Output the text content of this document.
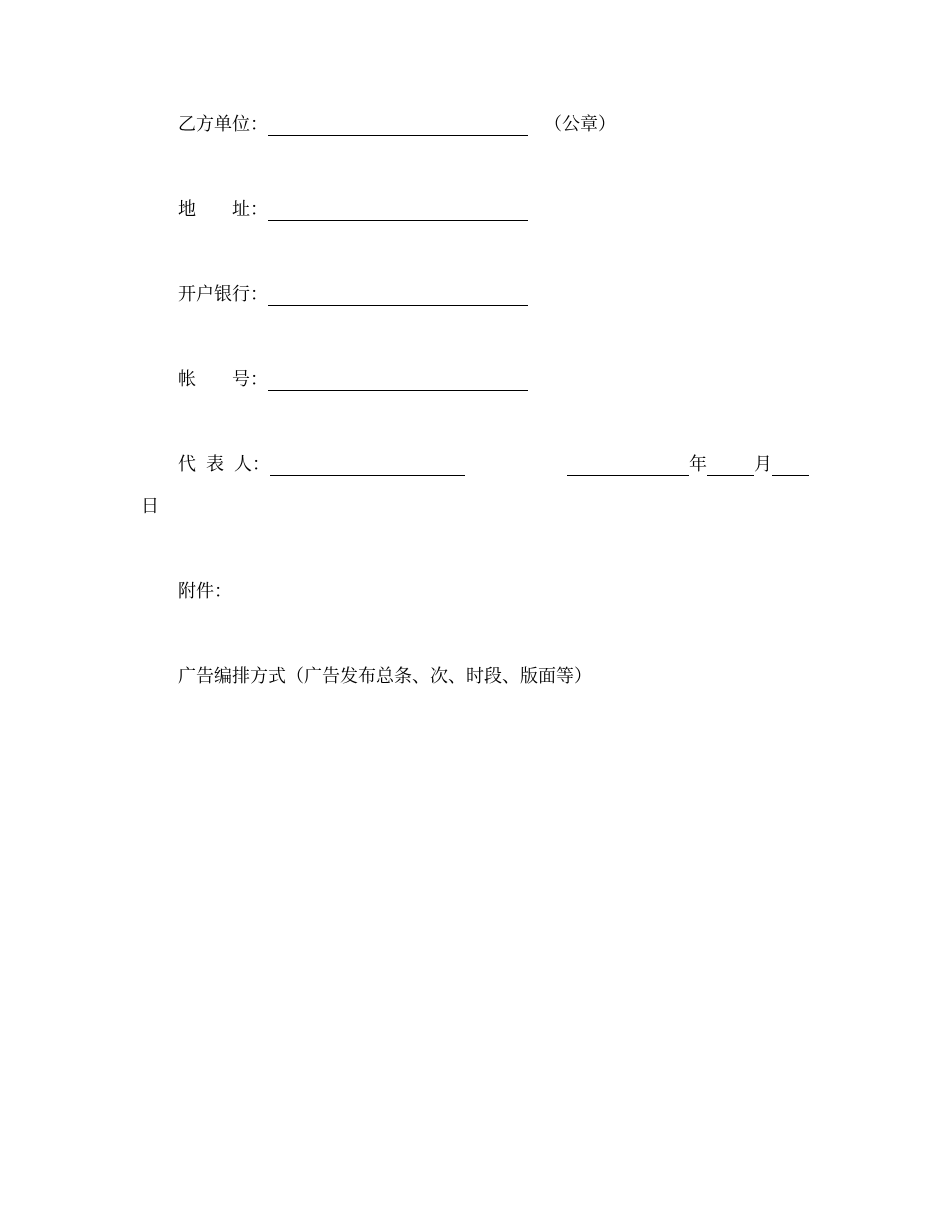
乙方单位：	（公章）
地 址：
开户银行：
帐 号：
代 表 人：	年	月
日
附件：
广告编排方式（广告发布总条、次、时段、版面等）
